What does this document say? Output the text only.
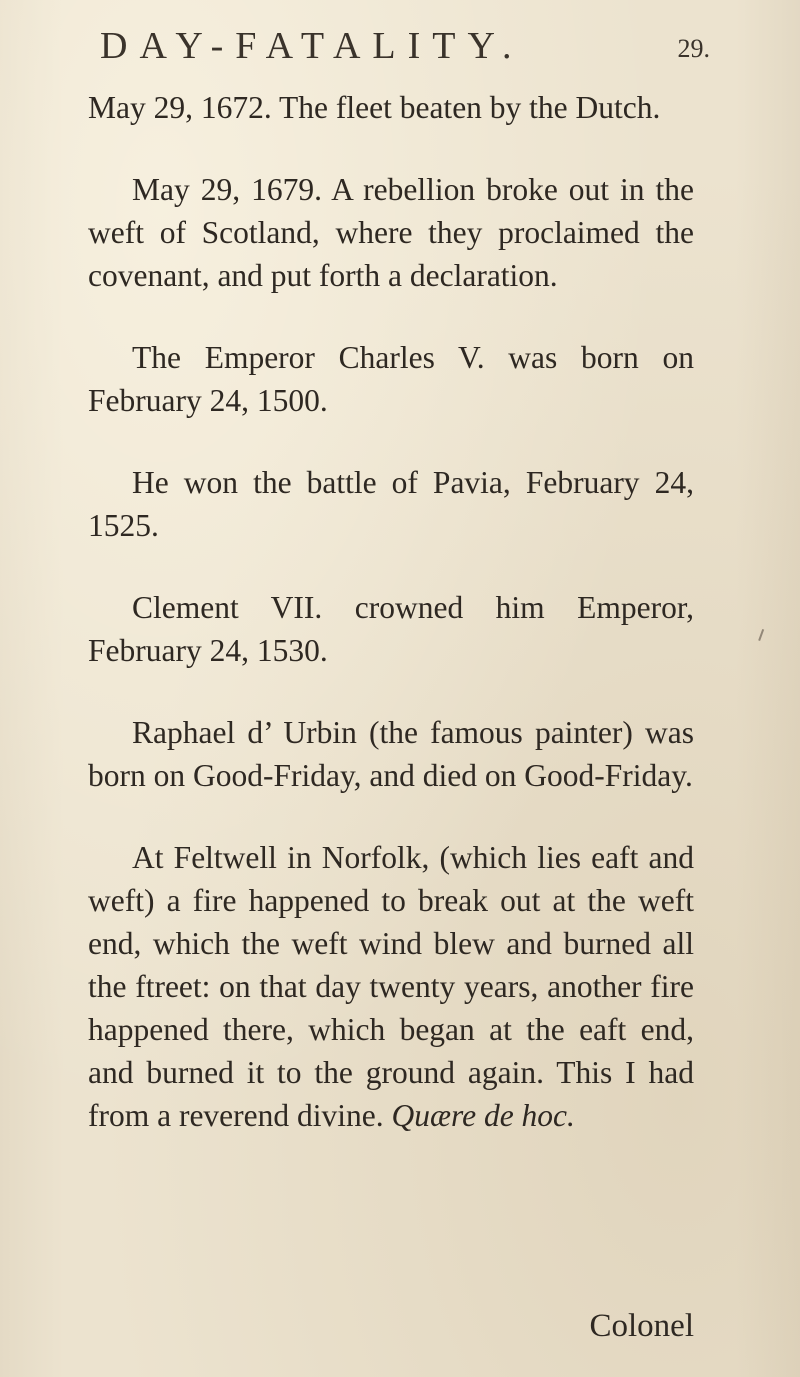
DAY-FATALITY.	29.

May 29, 1672. The fleet beaten by the Dutch.

May 29, 1679. A rebellion broke out in the weft of Scotland, where they proclaimed the covenant, and put forth a declaration.

The Emperor Charles V. was born on February 24, 1500.

He won the battle of Pavia, February 24, 1525.

Clement VII. crowned him Emperor, February 24, 1530.

Raphael d’ Urbin (the famous painter) was born on Good-Friday, and died on Good-Friday.

At Feltwell in Norfolk, (which lies eaft and weft) a fire happened to break out at the weft end, which the weft wind blew and burned all the ftreet: on that day twenty years, another fire happened there, which began at the eaft end, and burned it to the ground again. This I had from a reverend divine. Quære de hoc.

Colonel
